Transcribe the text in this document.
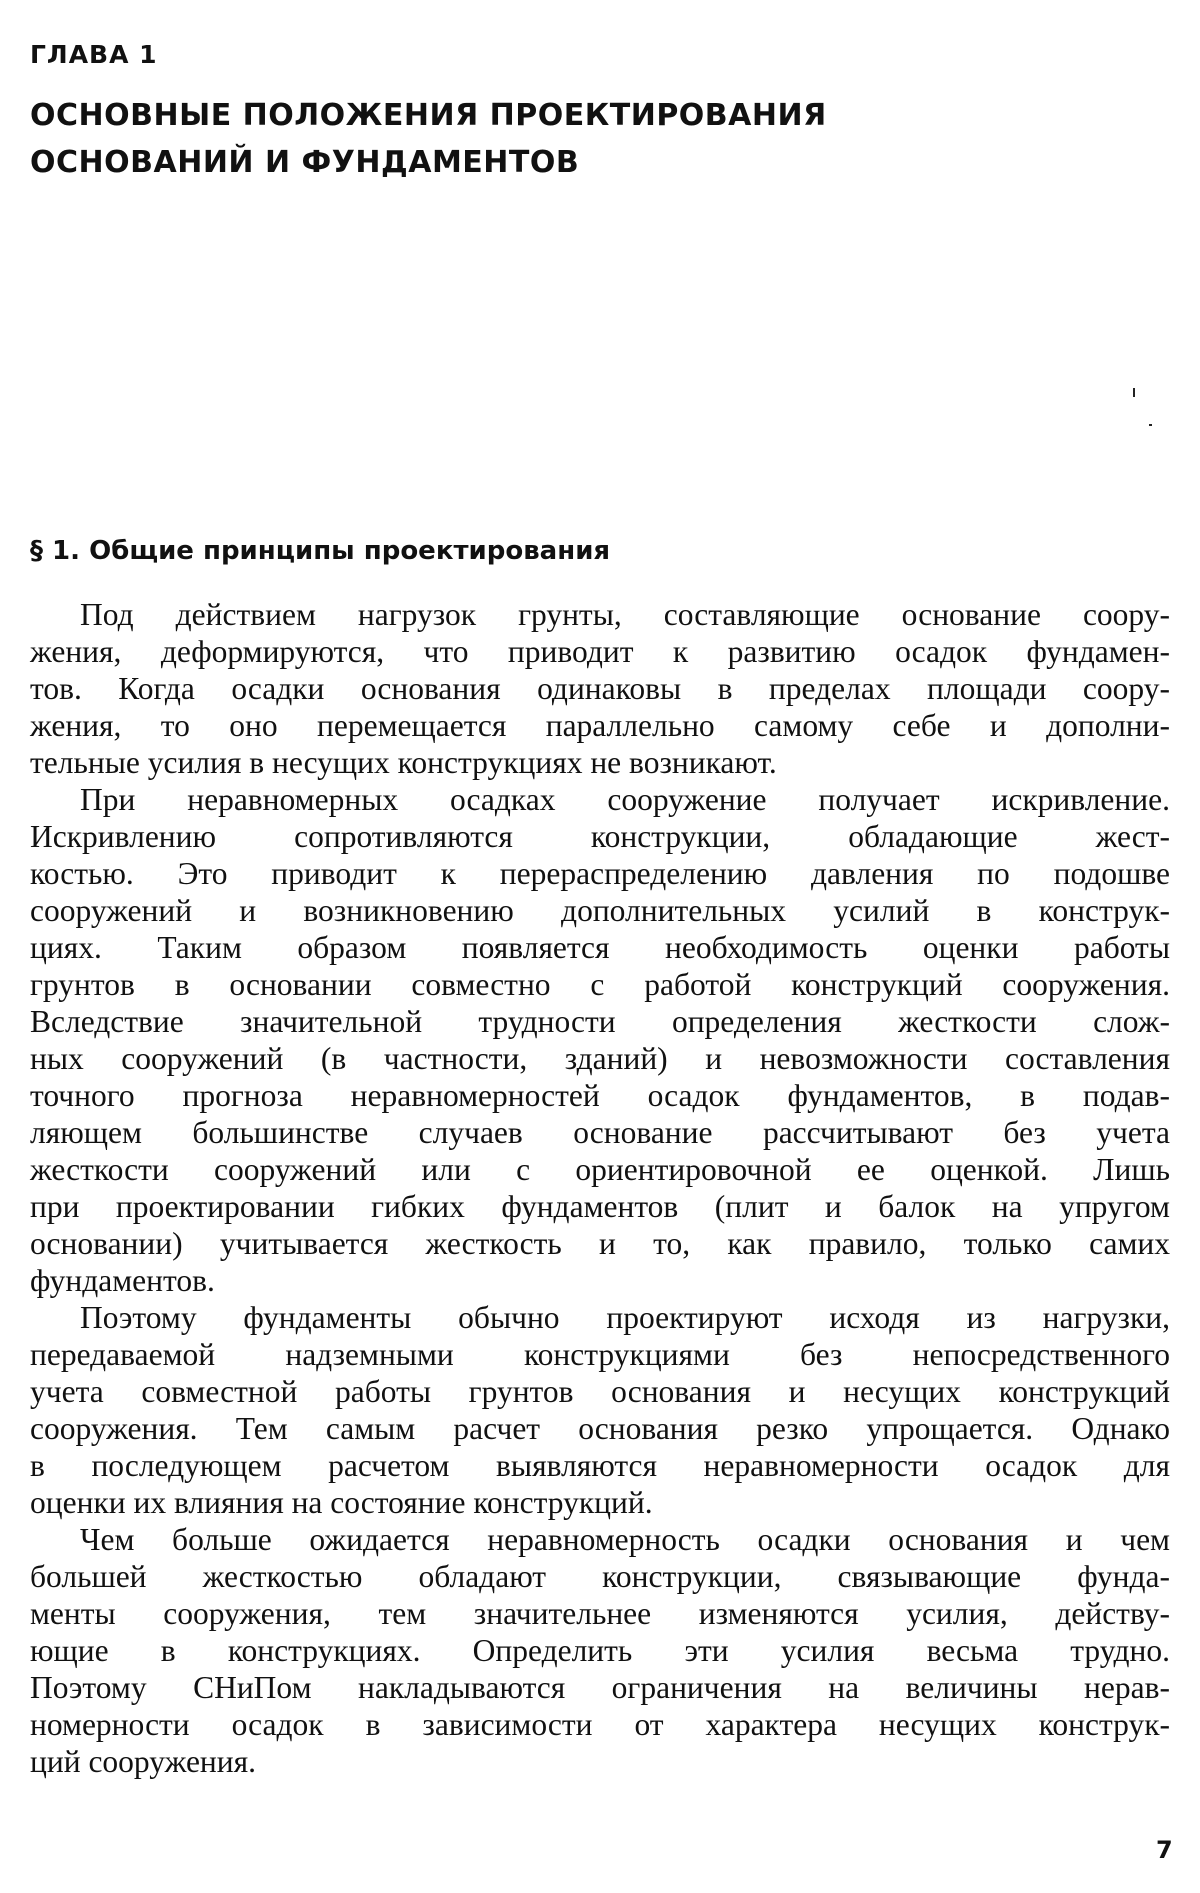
ГЛАВА 1
ОСНОВНЫЕ ПОЛОЖЕНИЯ ПРОЕКТИРОВАНИЯ
ОСНОВАНИЙ И ФУНДАМЕНТОВ
§ 1. Общие принципы проектирования
Под действием нагрузок грунты, составляющие основание соору-
жения, деформируются, что приводит к развитию осадок фундамен-
тов. Когда осадки основания одинаковы в пределах площади соору-
жения, то оно перемещается параллельно самому себе и дополни-
тельные усилия в несущих конструкциях не возникают.
При неравномерных осадках сооружение получает искривление.
Искривлению сопротивляются конструкции, обладающие жест-
костью. Это приводит к перераспределению давления по подошве
сооружений и возникновению дополнительных усилий в конструк-
циях. Таким образом появляется необходимость оценки работы
грунтов в основании совместно с работой конструкций сооружения.
Вследствие значительной трудности определения жесткости слож-
ных сооружений (в частности, зданий) и невозможности составления
точного прогноза неравномерностей осадок фундаментов, в подав-
ляющем большинстве случаев основание рассчитывают без учета
жесткости сооружений или с ориентировочной ее оценкой. Лишь
при проектировании гибких фундаментов (плит и балок на упругом
основании) учитывается жесткость и то, как правило, только самих
фундаментов.
Поэтому фундаменты обычно проектируют исходя из нагрузки,
передаваемой надземными конструкциями без непосредственного
учета совместной работы грунтов основания и несущих конструкций
сооружения. Тем самым расчет основания резко упрощается. Однако
в последующем расчетом выявляются неравномерности осадок для
оценки их влияния на состояние конструкций.
Чем больше ожидается неравномерность осадки основания и чем
большей жесткостью обладают конструкции, связывающие фунда-
менты сооружения, тем значительнее изменяются усилия, действу-
ющие в конструкциях. Определить эти усилия весьма трудно.
Поэтому СНиПом накладываются ограничения на величины нерав-
номерности осадок в зависимости от характера несущих конструк-
ций сооружения.
7
